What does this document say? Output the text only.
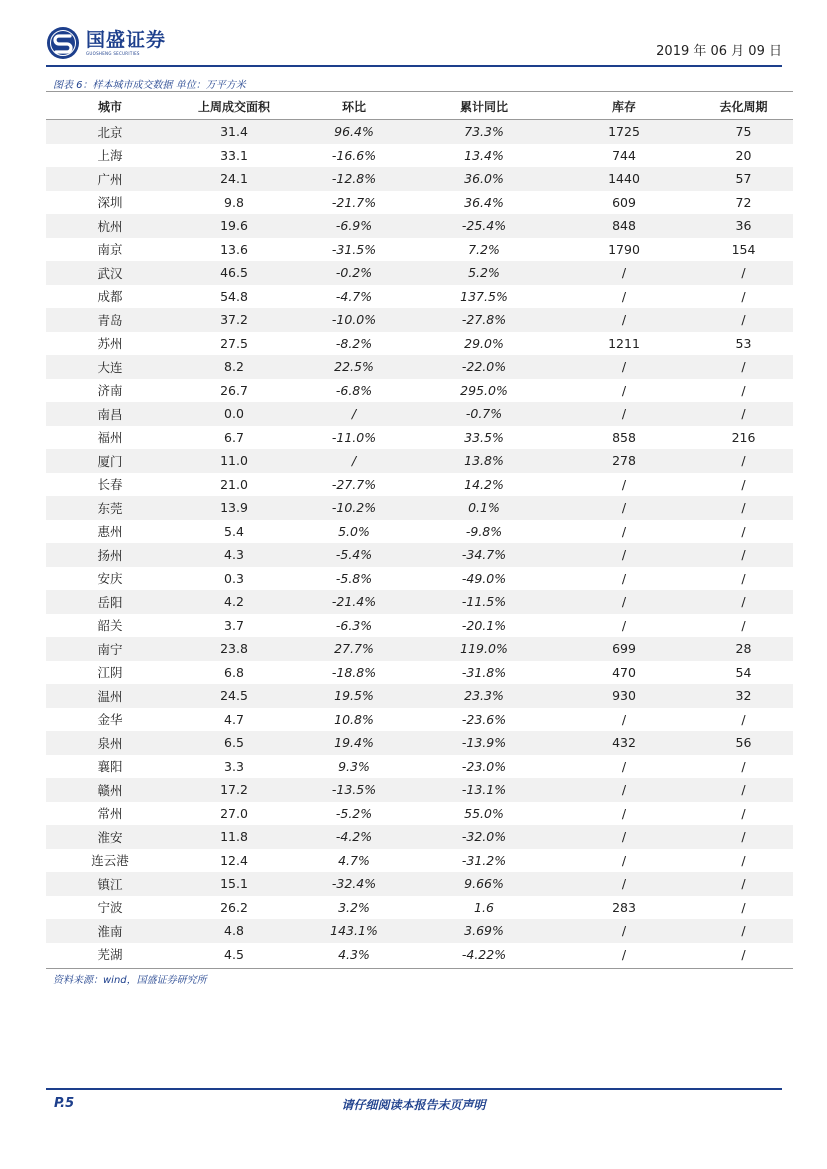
国盛证券
GUOSHENG SECURITIES	2019 年 06 月 09 日
图表 6：样本城市成交数据 单位：万平方米
城市	上周成交面积	环比	累计同比	库存	去化周期
北京	31.4	96.4%	73.3%	1725	75
上海	33.1	-16.6%	13.4%	744	20
广州	24.1	-12.8%	36.0%	1440	57
深圳	9.8	-21.7%	36.4%	609	72
杭州	19.6	-6.9%	-25.4%	848	36
南京	13.6	-31.5%	7.2%	1790	154
武汉	46.5	-0.2%	5.2%	/	/
成都	54.8	-4.7%	137.5%	/	/
青岛	37.2	-10.0%	-27.8%	/	/
苏州	27.5	-8.2%	29.0%	1211	53
大连	8.2	22.5%	-22.0%	/	/
济南	26.7	-6.8%	295.0%	/	/
南昌	0.0	/	-0.7%	/	/
福州	6.7	-11.0%	33.5%	858	216
厦门	11.0	/	13.8%	278	/
长春	21.0	-27.7%	14.2%	/	/
东莞	13.9	-10.2%	0.1%	/	/
惠州	5.4	5.0%	-9.8%	/	/
扬州	4.3	-5.4%	-34.7%	/	/
安庆	0.3	-5.8%	-49.0%	/	/
岳阳	4.2	-21.4%	-11.5%	/	/
韶关	3.7	-6.3%	-20.1%	/	/
南宁	23.8	27.7%	119.0%	699	28
江阴	6.8	-18.8%	-31.8%	470	54
温州	24.5	19.5%	23.3%	930	32
金华	4.7	10.8%	-23.6%	/	/
泉州	6.5	19.4%	-13.9%	432	56
襄阳	3.3	9.3%	-23.0%	/	/
赣州	17.2	-13.5%	-13.1%	/	/
常州	27.0	-5.2%	55.0%	/	/
淮安	11.8	-4.2%	-32.0%	/	/
连云港	12.4	4.7%	-31.2%	/	/
镇江	15.1	-32.4%	9.66%	/	/
宁波	26.2	3.2%	1.6	283	/
淮南	4.8	143.1%	3.69%	/	/
芜湖	4.5	4.3%	-4.22%	/	/
资料来源：wind，国盛证券研究所
P.5	请仔细阅读本报告末页声明
